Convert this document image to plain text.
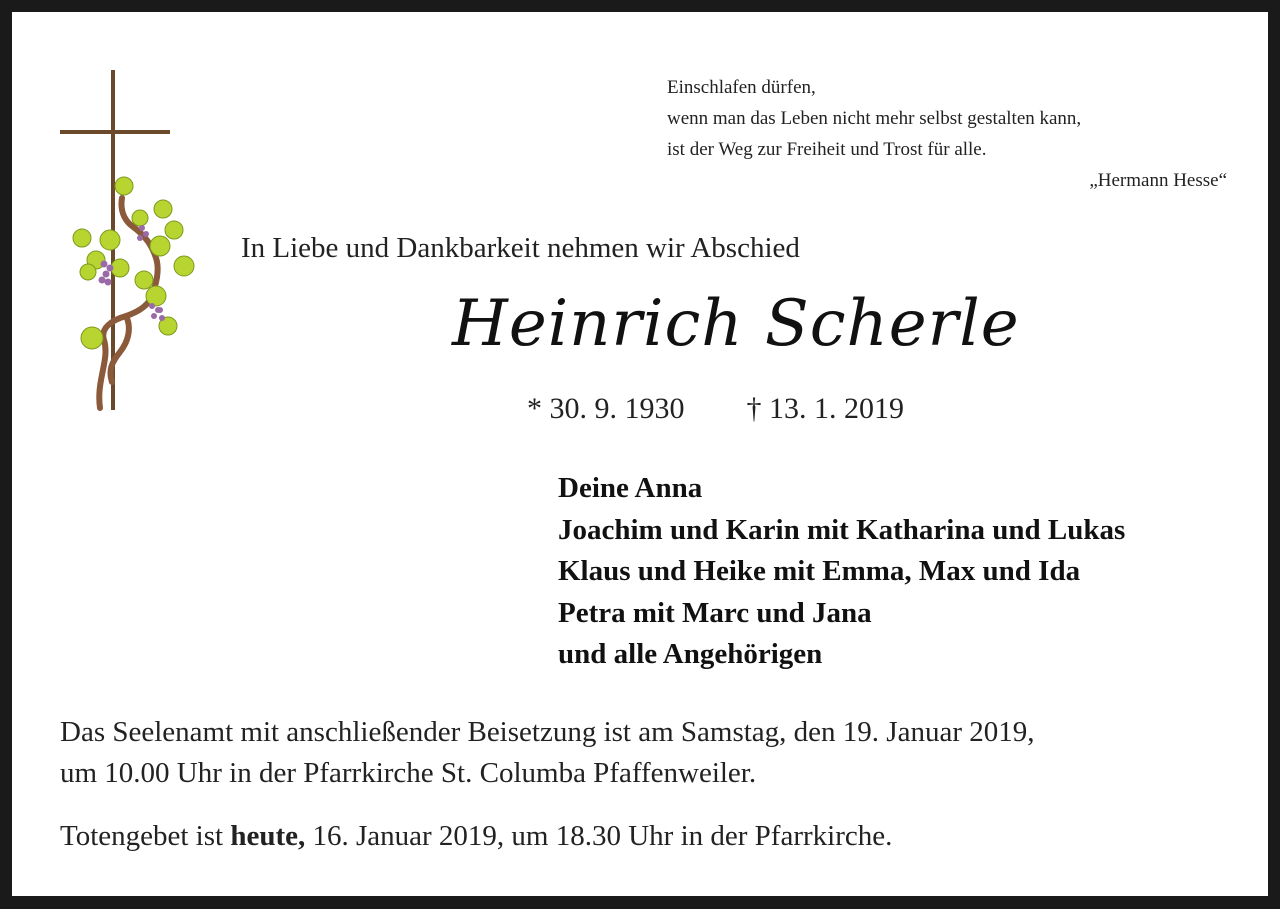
Einschlafen dürfen,
wenn man das Leben nicht mehr selbst gestalten kann,
ist der Weg zur Freiheit und Trost für alle.
„Hermann Hesse“
In Liebe und Dankbarkeit nehmen wir Abschied
Heinrich Scherle
* 30. 9. 1930 † 13. 1. 2019
Deine Anna
Joachim und Karin mit Katharina und Lukas
Klaus und Heike mit Emma, Max und Ida
Petra mit Marc und Jana
und alle Angehörigen
Das Seelenamt mit anschließender Beisetzung ist am Samstag, den 19. Januar 2019,
um 10.00 Uhr in der Pfarrkirche St. Columba Pfaffenweiler.
Totengebet ist heute, 16. Januar 2019, um 18.30 Uhr in der Pfarrkirche.
